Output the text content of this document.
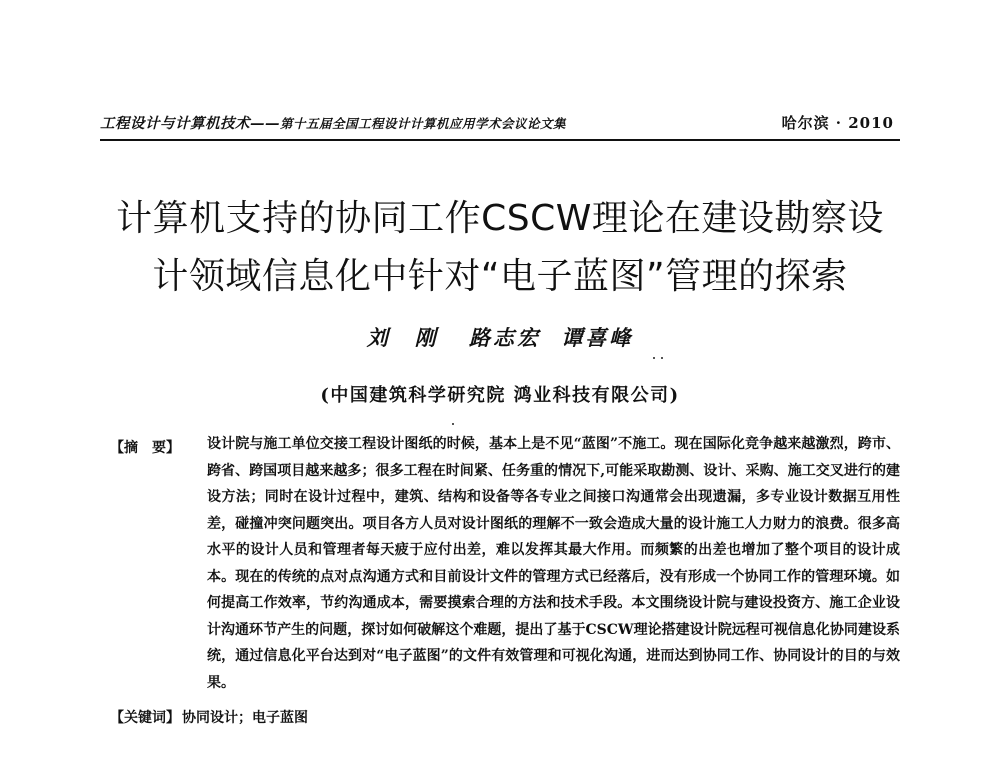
工程设计与计算机技术——第十五届全国工程设计计算机应用学术会议论文集	哈尔滨 · 2010
计算机支持的协同工作CSCW理论在建设勘察设
计领域信息化中针对“电子蓝图”管理的探索
刘　刚 路志宏 谭喜峰
(中国建筑科学研究院 鸿业科技有限公司)
【摘　要】 设计院与施工单位交接工程设计图纸的时候，基本上是不见“蓝图”不施工。现在国际化竞争越来越激烈，跨市、跨省、跨国项目越来越多；很多工程在时间紧、任务重的情况下,可能采取勘测、设计、采购、施工交叉进行的建设方法；同时在设计过程中，建筑、结构和设备等各专业之间接口沟通常会出现遗漏，多专业设计数据互用性差，碰撞冲突问题突出。项目各方人员对设计图纸的理解不一致会造成大量的设计施工人力财力的浪费。很多高水平的设计人员和管理者每天疲于应付出差，难以发挥其最大作用。而频繁的出差也增加了整个项目的设计成本。现在的传统的点对点沟通方式和目前设计文件的管理方式已经落后，没有形成一个协同工作的管理环境。如何提高工作效率，节约沟通成本，需要摸索合理的方法和技术手段。本文围绕设计院与建设投资方、施工企业设计沟通环节产生的问题，探讨如何破解这个难题，提出了基于CSCW理论搭建设计院远程可视信息化协同建设系统，通过信息化平台达到对“电子蓝图”的文件有效管理和可视化沟通，进而达到协同工作、协同设计的目的与效果。
【关键词】 协同设计；电子蓝图
